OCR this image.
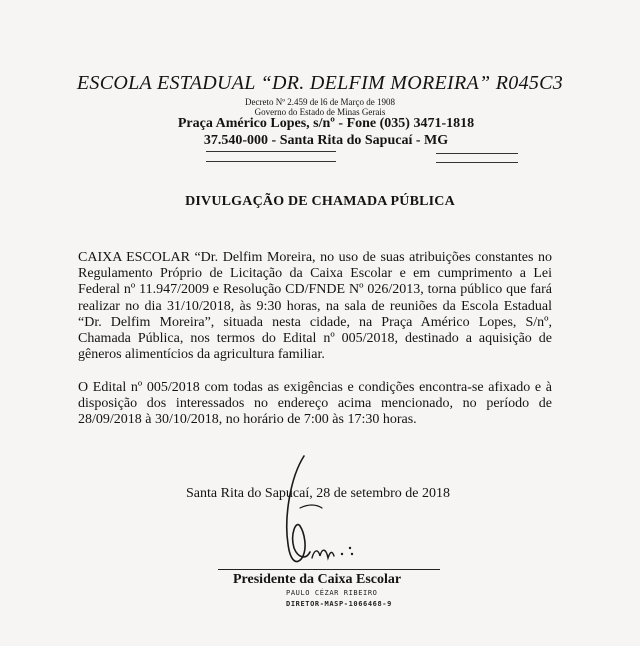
ESCOLA ESTADUAL “DR. DELFIM MOREIRA” R045C3
Decreto Nº 2.459 de l6 de Março de 1908
Governo do Estado de Minas Gerais
Praça Américo Lopes, s/nº - Fone (035) 3471-1818
37.540-000 - Santa Rita do Sapucaí - MG
DIVULGAÇÃO DE CHAMADA PÚBLICA
CAIXA ESCOLAR “Dr. Delfim Moreira, no uso de suas atribuições constantes no Regulamento Próprio de Licitação da Caixa Escolar e em cumprimento a Lei Federal nº 11.947/2009 e Resolução CD/FNDE Nº 026/2013, torna público que fará realizar no dia 31/10/2018, às 9:30 horas, na sala de reuniões da Escola Estadual “Dr. Delfim Moreira”, situada nesta cidade, na Praça Américo Lopes, S/nº, Chamada Pública, nos termos do Edital nº 005/2018, destinado a aquisição de gêneros alimentícios da agricultura familiar.
O Edital nº 005/2018 com todas as exigências e condições encontra-se afixado e à disposição dos interessados no endereço acima mencionado, no período de 28/09/2018 à 30/10/2018, no horário de 7:00 às 17:30 horas.
Santa Rita do Sapucaí, 28 de setembro de 2018
Presidente da Caixa Escolar
PAULO CÉZAR RIBEIRO
DIRETOR-MASP-1066468-9
